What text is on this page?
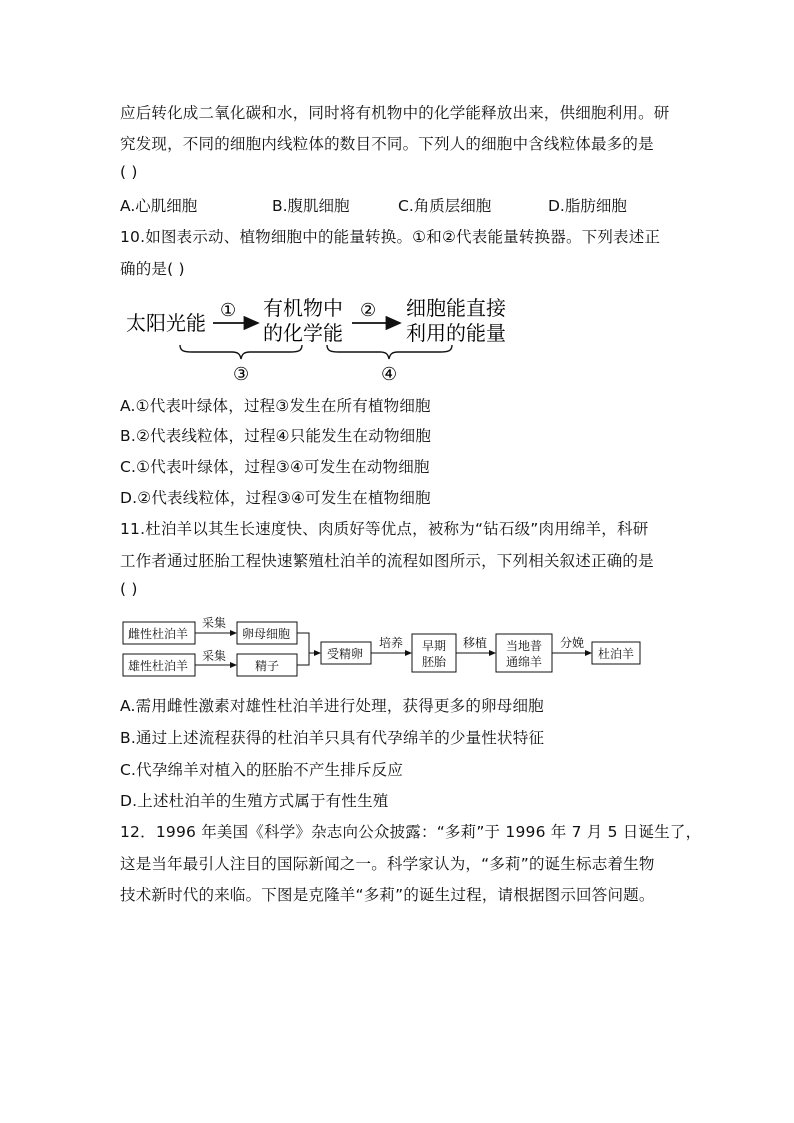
应后转化成二氧化碳和水，同时将有机物中的化学能释放出来，供细胞利用。研
究发现，不同的细胞内线粒体的数目不同。下列人的细胞中含线粒体最多的是
( )
A.心肌细胞	B.腹肌细胞	C.角质层细胞	D.脂肪细胞
10.如图表示动、植物细胞中的能量转换。①和②代表能量转换器。下列表述正
确的是( )
太阳光能
① 有机物中
的化学能
② 细胞能直接
利用的能量
③	④
A.①代表叶绿体，过程③发生在所有植物细胞
B.②代表线粒体，过程④只能发生在动物细胞
C.①代表叶绿体，过程③④可发生在动物细胞
D.②代表线粒体，过程③④可发生在植物细胞
11.杜泊羊以其生长速度快、肉质好等优点，被称为“钻石级”肉用绵羊，科研
工作者通过胚胎工程快速繁殖杜泊羊的流程如图所示，下列相关叙述正确的是
( )
雌性杜泊羊
雄性杜泊羊
采集
采集
卵母细胞
精子
受精卵
培养 早期
胚胎
移植 当地普
通绵羊
分娩
杜泊羊
A.需用雌性激素对雄性杜泊羊进行处理，获得更多的卵母细胞
B.通过上述流程获得的杜泊羊只具有代孕绵羊的少量性状特征
C.代孕绵羊对植入的胚胎不产生排斥反应
D.上述杜泊羊的生殖方式属于有性生殖
12．1996 年美国《科学》杂志向公众披露：“多莉”于 1996 年 7 月 5 日诞生了，
这是当年最引人注目的国际新闻之一。科学家认为，“多莉”的诞生标志着生物
技术新时代的来临。下图是克隆羊“多莉”的诞生过程，请根据图示回答问题。
